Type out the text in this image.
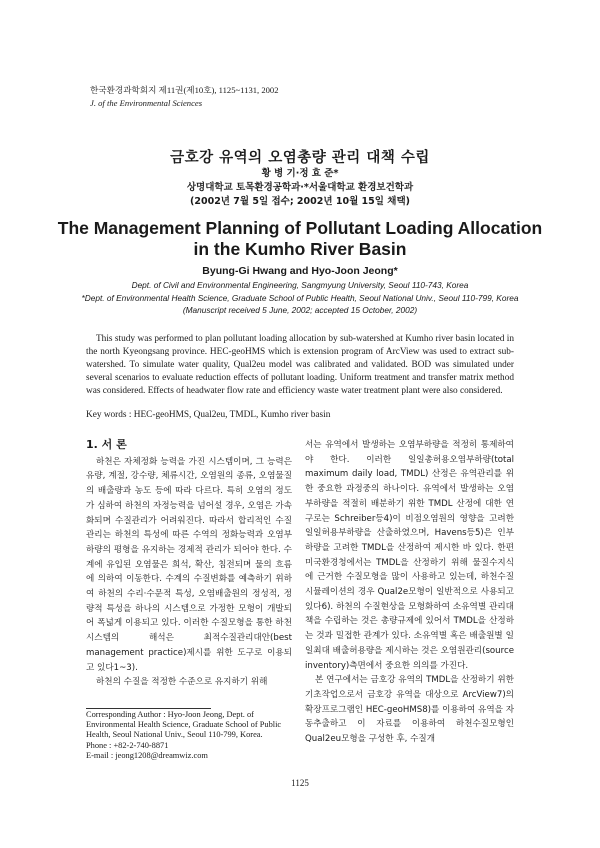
한국환경과학회지 제11권(제10호), 1125~1131, 2002
J. of the Environmental Sciences
금호강 유역의 오염총량 관리 대책 수립
황 병 기·정 효 준*
상명대학교 토목환경공학과·*서울대학교 환경보건학과
(2002년 7월 5일 접수; 2002년 10월 15일 채택)
The Management Planning of Pollutant Loading Allocation
in the Kumho River Basin
Byung-Gi Hwang and Hyo-Joon Jeong*
Dept. of Civil and Environmental Engineering, Sangmyung University, Seoul 110-743, Korea
*Dept. of Environmental Health Science, Graduate School of Public Health, Seoul National Univ., Seoul 110-799, Korea
(Manuscript received 5 June, 2002; accepted 15 October, 2002)
This study was performed to plan pollutant loading allocation by sub-watershed at Kumho river basin located in the north Kyeongsang province. HEC-geoHMS which is extension program of ArcView was used to extract sub-watershed. To simulate water quality, Qual2eu model was calibrated and validated. BOD was simulated under several scenarios to evaluate reduction effects of pollutant loading. Uniform treatment and transfer matrix method was considered. Effects of headwater flow rate and efficiency waste water treatment plant were also considered.
Key words : HEC-geoHMS, Qual2eu, TMDL, Kumho river basin

1. 서 론

하천은 자체정화 능력을 가진 시스템이며, 그 능력은 유량, 계절, 강수량, 체류시간, 오염원의 종류, 오염물질의 배출량과 농도 등에 따라 다르다. 특히 오염의 정도가 심하여 하천의 자정능력을 넘어설 경우, 오염은 가속화되며 수질관리가 어려워진다. 따라서 합리적인 수질관리는 하천의 특성에 따른 수역의 정화능력과 오염부하량의 평형을 유지하는 경제적 관리가 되어야 한다. 수계에 유입된 오염물은 희석, 확산, 침전되며 물의 흐름에 의하여 이동한다. 수계의 수질변화를 예측하기 위하여 하천의 수리·수문적 특성, 오염배출원의 정성적, 정량적 특성을 하나의 시스템으로 가정한 모형이 개발되어 폭넓게 이용되고 있다. 이러한 수질모형을 통한 하천시스템의 해석은 최적수질관리대안(best management practice)제시를 위한 도구로 이용되고 있다1~3).

하천의 수질을 적정한 수준으로 유지하기 위해

서는 유역에서 발생하는 오염부하량을 적정히 통제하여야 한다. 이러한 일일총허용오염부하량(total maximum daily load, TMDL) 산정은 유역관리를 위한 중요한 과정중의 하나이다. 유역에서 발생하는 오염부하량을 적절히 배분하기 위한 TMDL 산정에 대한 연구로는 Schreiber등4)이 비점오염원의 영향을 고려한 일일허용부하량을 산출하였으며, Havens등5)은 인부하량을 고려한 TMDL을 산정하여 제시한 바 있다. 한편 미국환경청에서는 TMDL을 산정하기 위해 물질수지식에 근거한 수질모형을 많이 사용하고 있는데, 하천수질 시뮬레이션의 경우 Qual2e모형이 일반적으로 사용되고 있다6). 하천의 수질현상을 모형화하여 소유역별 관리대책을 수립하는 것은 총량규제에 있어서 TMDL을 산정하는 것과 밀접한 관계가 있다. 소유역별 혹은 배출원별 일일최대 배출허용량을 제시하는 것은 오염원관리(source inventory)측면에서 중요한 의의를 가진다.

본 연구에서는 금호강 유역의 TMDL을 산정하기 위한 기초작업으로서 금호강 유역을 대상으로 ArcView7)의 확장프로그램인 HEC-geoHMS8)를 이용하여 유역을 자동추출하고 이 자료를 이용하여 하천수질모형인 Qual2eu모형을 구성한 후, 수질개

Corresponding Author : Hyo-Joon Jeong, Dept. of Environmental Health Science, Graduate School of Public Health, Seoul National Univ., Seoul 110-799, Korea.
Phone : +82-2-740-8871
E-mail : jeong1208@dreamwiz.com
1125
